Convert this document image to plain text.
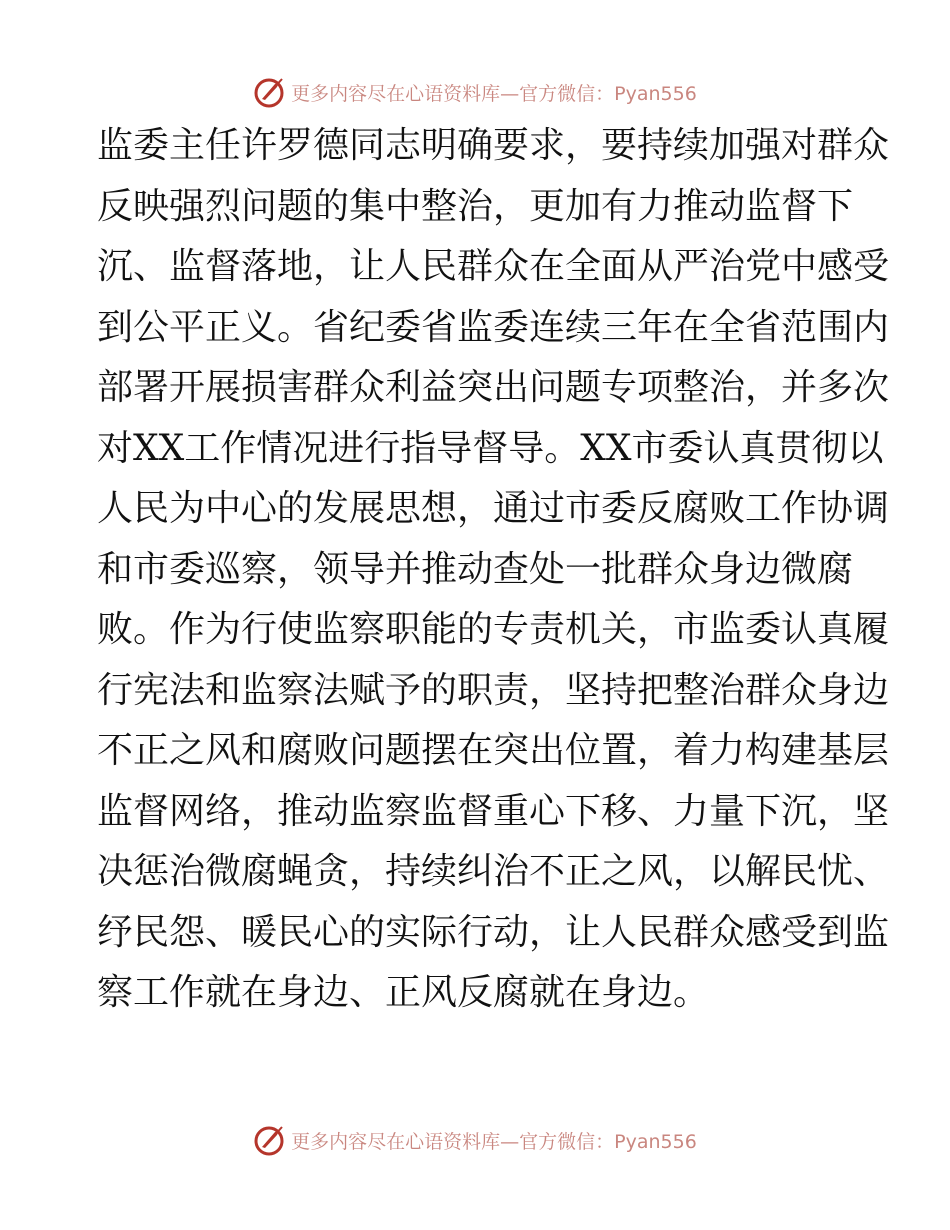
更多内容尽在心语资料库— 官方微信：Pyan556
监委主任许罗德同志明确要求，要持续加强对群众
反映强烈问题的集中整治，更加有力推动监督下
沉、监督落地，让人民群众在全面从严治党中感受
到公平正义。省纪委省监委连续三年在全省范围内
部署开展损害群众利益突出问题专项整治，并多次
对XX工作情况进行指导督导。XX市委认真贯彻以
人民为中心的发展思想，通过市委反腐败工作协调
和市委巡察，领导并推动查处一批群众身边微腐
败。作为行使监察职能的专责机关，市监委认真履
行宪法和监察法赋予的职责，坚持把整治群众身边
不正之风和腐败问题摆在突出位置，着力构建基层
监督网络，推动监察监督重心下移、力量下沉，坚
决惩治微腐蝇贪，持续纠治不正之风，以解民忧、
纾民怨、暖民心的实际行动，让人民群众感受到监
察工作就在身边、正风反腐就在身边。
更多内容尽在心语资料库— 官方微信：Pyan556
